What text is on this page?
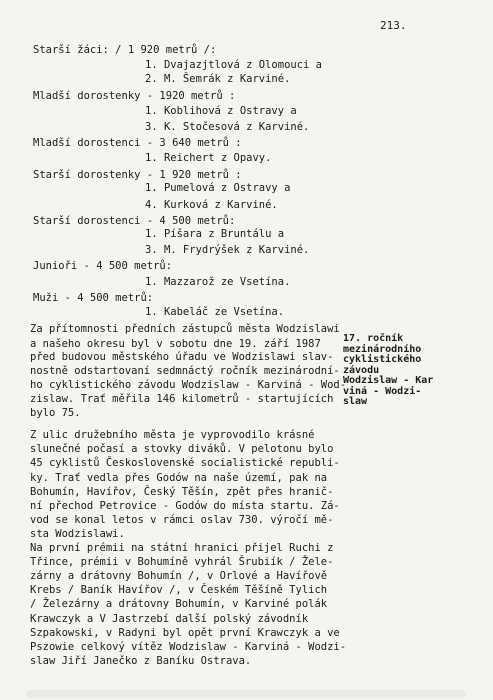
213.
Starší žáci: / 1 920 metrů /:
1. Dvajazjtlová z Olomouci a
2. M. Šemrák z Karviné.
Mladší dorostenky - 1920 metrů :
1. Koblihová z Ostravy a
3. K. Stočesová z Karviné.
Mladší dorostenci - 3 640 metrů :
1. Reichert z Opavy.
Starší dorostenky - 1 920 metrů :
1. Pumelová z Ostravy a
4. Kurková z Karviné.
Starší dorostenci - 4 500 metrů:
1. Píšara z Bruntálu a
3. M. Frydrýšek z Karviné.
Junioři - 4 500 metrů:
1. Mazzarož ze Vsetína.
Muži - 4 500 metrů:
1. Kabeláč ze Vsetína.
17. ročník
mezinárodního
cyklistického
závodu
Wodzislaw - Kar
viná - Wodzi-
slaw
Za přítomnosti předních zástupců města Wodzislawi
a našeho okresu byl v sobotu dne 19. září 1987
před budovou městského úřadu ve Wodzislawi slav-
nostně odstartovaní sedmnáctý ročník mezinárodní-
ho cyklistického závodu Wodzislaw - Karviná - Wod-
zislaw. Trať měřila 146 kilometrů - startujících
bylo 75.
Z ulic družebního města je vyprovodilo krásné
slunečné počasí a stovky diváků. V pelotonu bylo
45 cyklistů Československé socialistické republi-
ky. Trať vedla přes Godów na naše území, pak na
Bohumín, Havířov, Český Těšín, zpět přes hranič-
ní přechod Petrovice - Godów do místa startu. Zá-
vod se konal letos v rámci oslav 730. výročí mě-
sta Wodzislawi.
Na první prémii na státní hranici přijel Ruchi z
Třince, prémii v Bohumíně vyhrál Šrubiík / Žele-
zárny a drátovny Bohumín /, v Orlové a Havířově
Krebs / Baník Havířov /, v Českém Těšíně Tylich
/ Železárny a drátovny Bohumín, v Karviné polák
Krawczyk a V Jastrzebí další polský závodník
Szpakowski, v Radyni byl opět první Krawczyk a ve
Pszowie celkový vítěz Wodzislaw - Karviná - Wodzi-
slaw Jiří Janečko z Baníku Ostrava.
